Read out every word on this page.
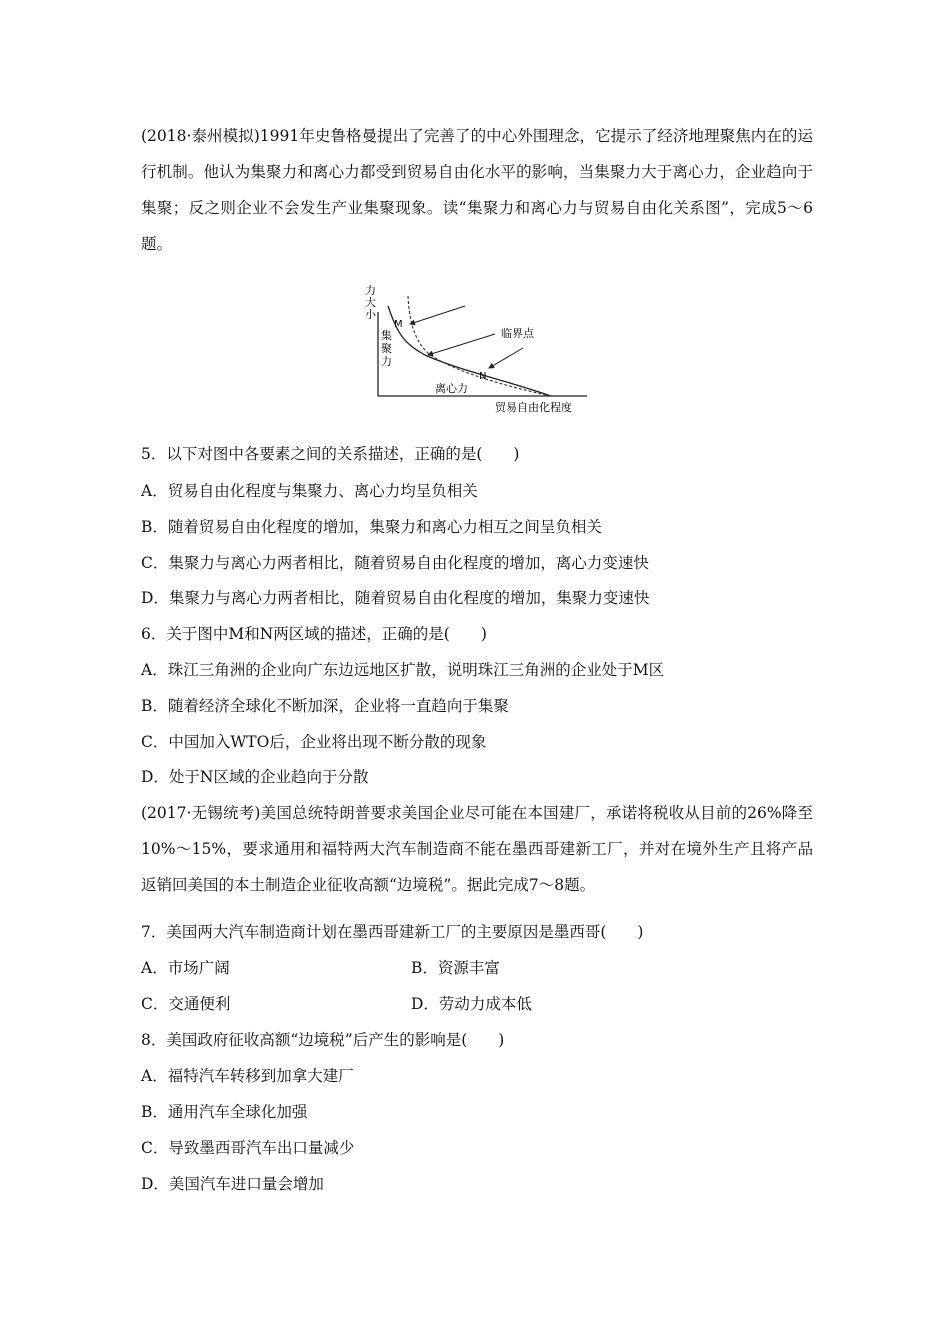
(2018·泰州模拟)1991年史鲁格曼提出了完善了的中心外围理念，它提示了经济地理聚焦内在的运行机制。他认为集聚力和离心力都受到贸易自由化水平的影响，当集聚力大于离心力，企业趋向于集聚；反之则企业不会发生产业集聚现象。读“集聚力和离心力与贸易自由化关系图”，完成5～6题。
力
大
小
M
集
聚
力
临界点
N
离心力
贸易自由化程度
5．以下对图中各要素之间的关系描述，正确的是(　　)
A．贸易自由化程度与集聚力、离心力均呈负相关
B．随着贸易自由化程度的增加，集聚力和离心力相互之间呈负相关
C．集聚力与离心力两者相比，随着贸易自由化程度的增加，离心力变速快
D．集聚力与离心力两者相比，随着贸易自由化程度的增加，集聚力变速快
6．关于图中M和N两区域的描述，正确的是(　　)
A．珠江三角洲的企业向广东边远地区扩散，说明珠江三角洲的企业处于M区
B．随着经济全球化不断加深，企业将一直趋向于集聚
C．中国加入WTO后，企业将出现不断分散的现象
D．处于N区域的企业趋向于分散
(2017·无锡统考)美国总统特朗普要求美国企业尽可能在本国建厂，承诺将税收从目前的26%降至10%～15%，要求通用和福特两大汽车制造商不能在墨西哥建新工厂，并对在境外生产且将产品返销回美国的本土制造企业征收高额“边境税”。据此完成7～8题。
7．美国两大汽车制造商计划在墨西哥建新工厂的主要原因是墨西哥(　　)
A．市场广阔	B．资源丰富
C．交通便利	D．劳动力成本低
8．美国政府征收高额“边境税”后产生的影响是(　　)
A．福特汽车转移到加拿大建厂
B．通用汽车全球化加强
C．导致墨西哥汽车出口量减少
D．美国汽车进口量会增加
